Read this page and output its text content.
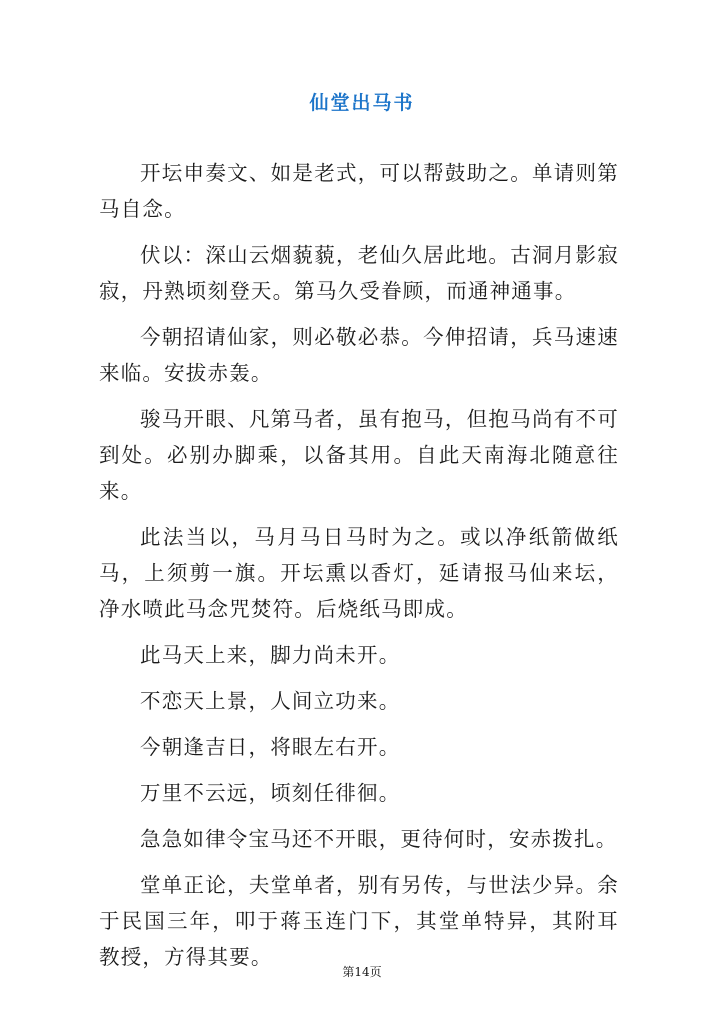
仙堂出马书

开坛申奏文、如是老式，可以帮鼓助之。单请则第马自念。

伏以：深山云烟藐藐，老仙久居此地。古洞月影寂寂，丹熟顷刻登天。第马久受眷顾，而通神通事。

今朝招请仙家，则必敬必恭。今伸招请，兵马速速来临。安拔赤轰。

骏马开眼、凡第马者，虽有抱马，但抱马尚有不可到处。必别办脚乘，以备其用。自此天南海北随意往来。

此法当以，马月马日马时为之。或以净纸箭做纸马，上须剪一旗。开坛熏以香灯，延请报马仙来坛，净水喷此马念咒焚符。后烧纸马即成。

此马天上来，脚力尚未开。

不恋天上景，人间立功来。

今朝逢吉日，将眼左右开。

万里不云远，顷刻任徘徊。

急急如律令宝马还不开眼，更待何时，安赤拨扎。

堂单正论，夫堂单者，别有另传，与世法少异。余于民国三年，叩于蒋玉连门下，其堂单特异，其附耳教授，方得其要。

第14页
